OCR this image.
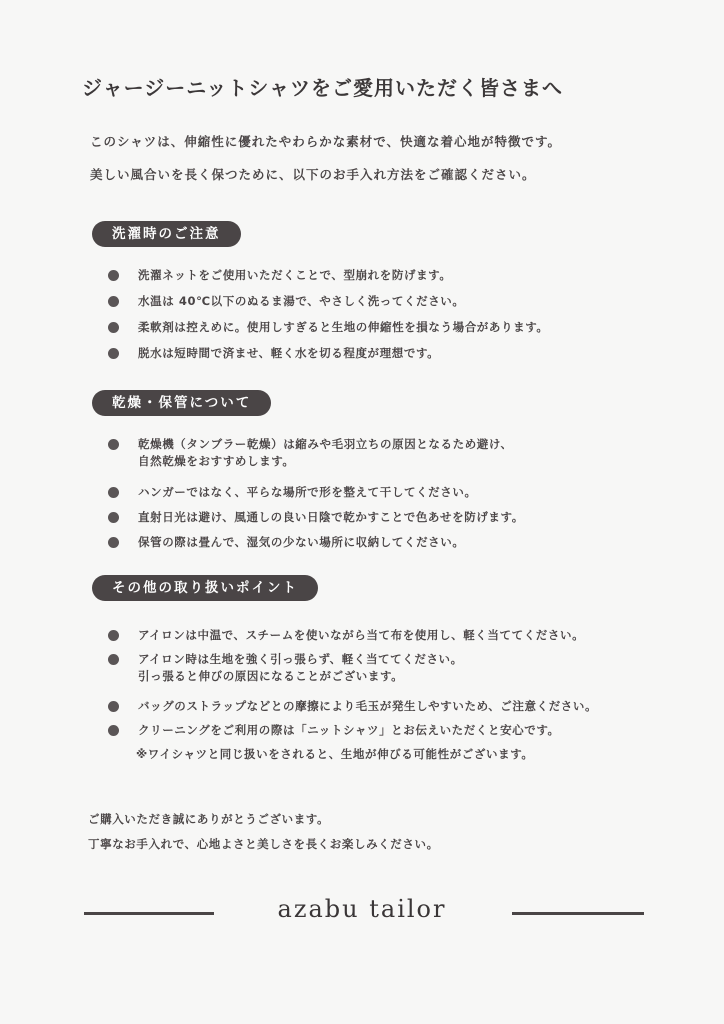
ジャージーニットシャツをご愛用いただく皆さまへ
このシャツは、伸縮性に優れたやわらかな素材で、快適な着心地が特徴です。
美しい風合いを長く保つために、以下のお手入れ方法をご確認ください。
洗濯時のご注意
洗濯ネットをご使用いただくことで、型崩れを防げます。
水温は 40℃以下のぬるま湯で、やさしく洗ってください。
柔軟剤は控えめに。使用しすぎると生地の伸縮性を損なう場合があります。
脱水は短時間で済ませ、軽く水を切る程度が理想です。
乾燥・保管について
乾燥機（タンブラー乾燥）は縮みや毛羽立ちの原因となるため避け、
自然乾燥をおすすめします。
ハンガーではなく、平らな場所で形を整えて干してください。
直射日光は避け、風通しの良い日陰で乾かすことで色あせを防げます。
保管の際は畳んで、湿気の少ない場所に収納してください。
その他の取り扱いポイント
アイロンは中温で、スチームを使いながら当て布を使用し、軽く当ててください。
アイロン時は生地を強く引っ張らず、軽く当ててください。
引っ張ると伸びの原因になることがございます。
バッグのストラップなどとの摩擦により毛玉が発生しやすいため、ご注意ください。
クリーニングをご利用の際は「ニットシャツ」とお伝えいただくと安心です。
※ワイシャツと同じ扱いをされると、生地が伸びる可能性がございます。
ご購入いただき誠にありがとうございます。
丁寧なお手入れで、心地よさと美しさを長くお楽しみください。
azabu tailor
